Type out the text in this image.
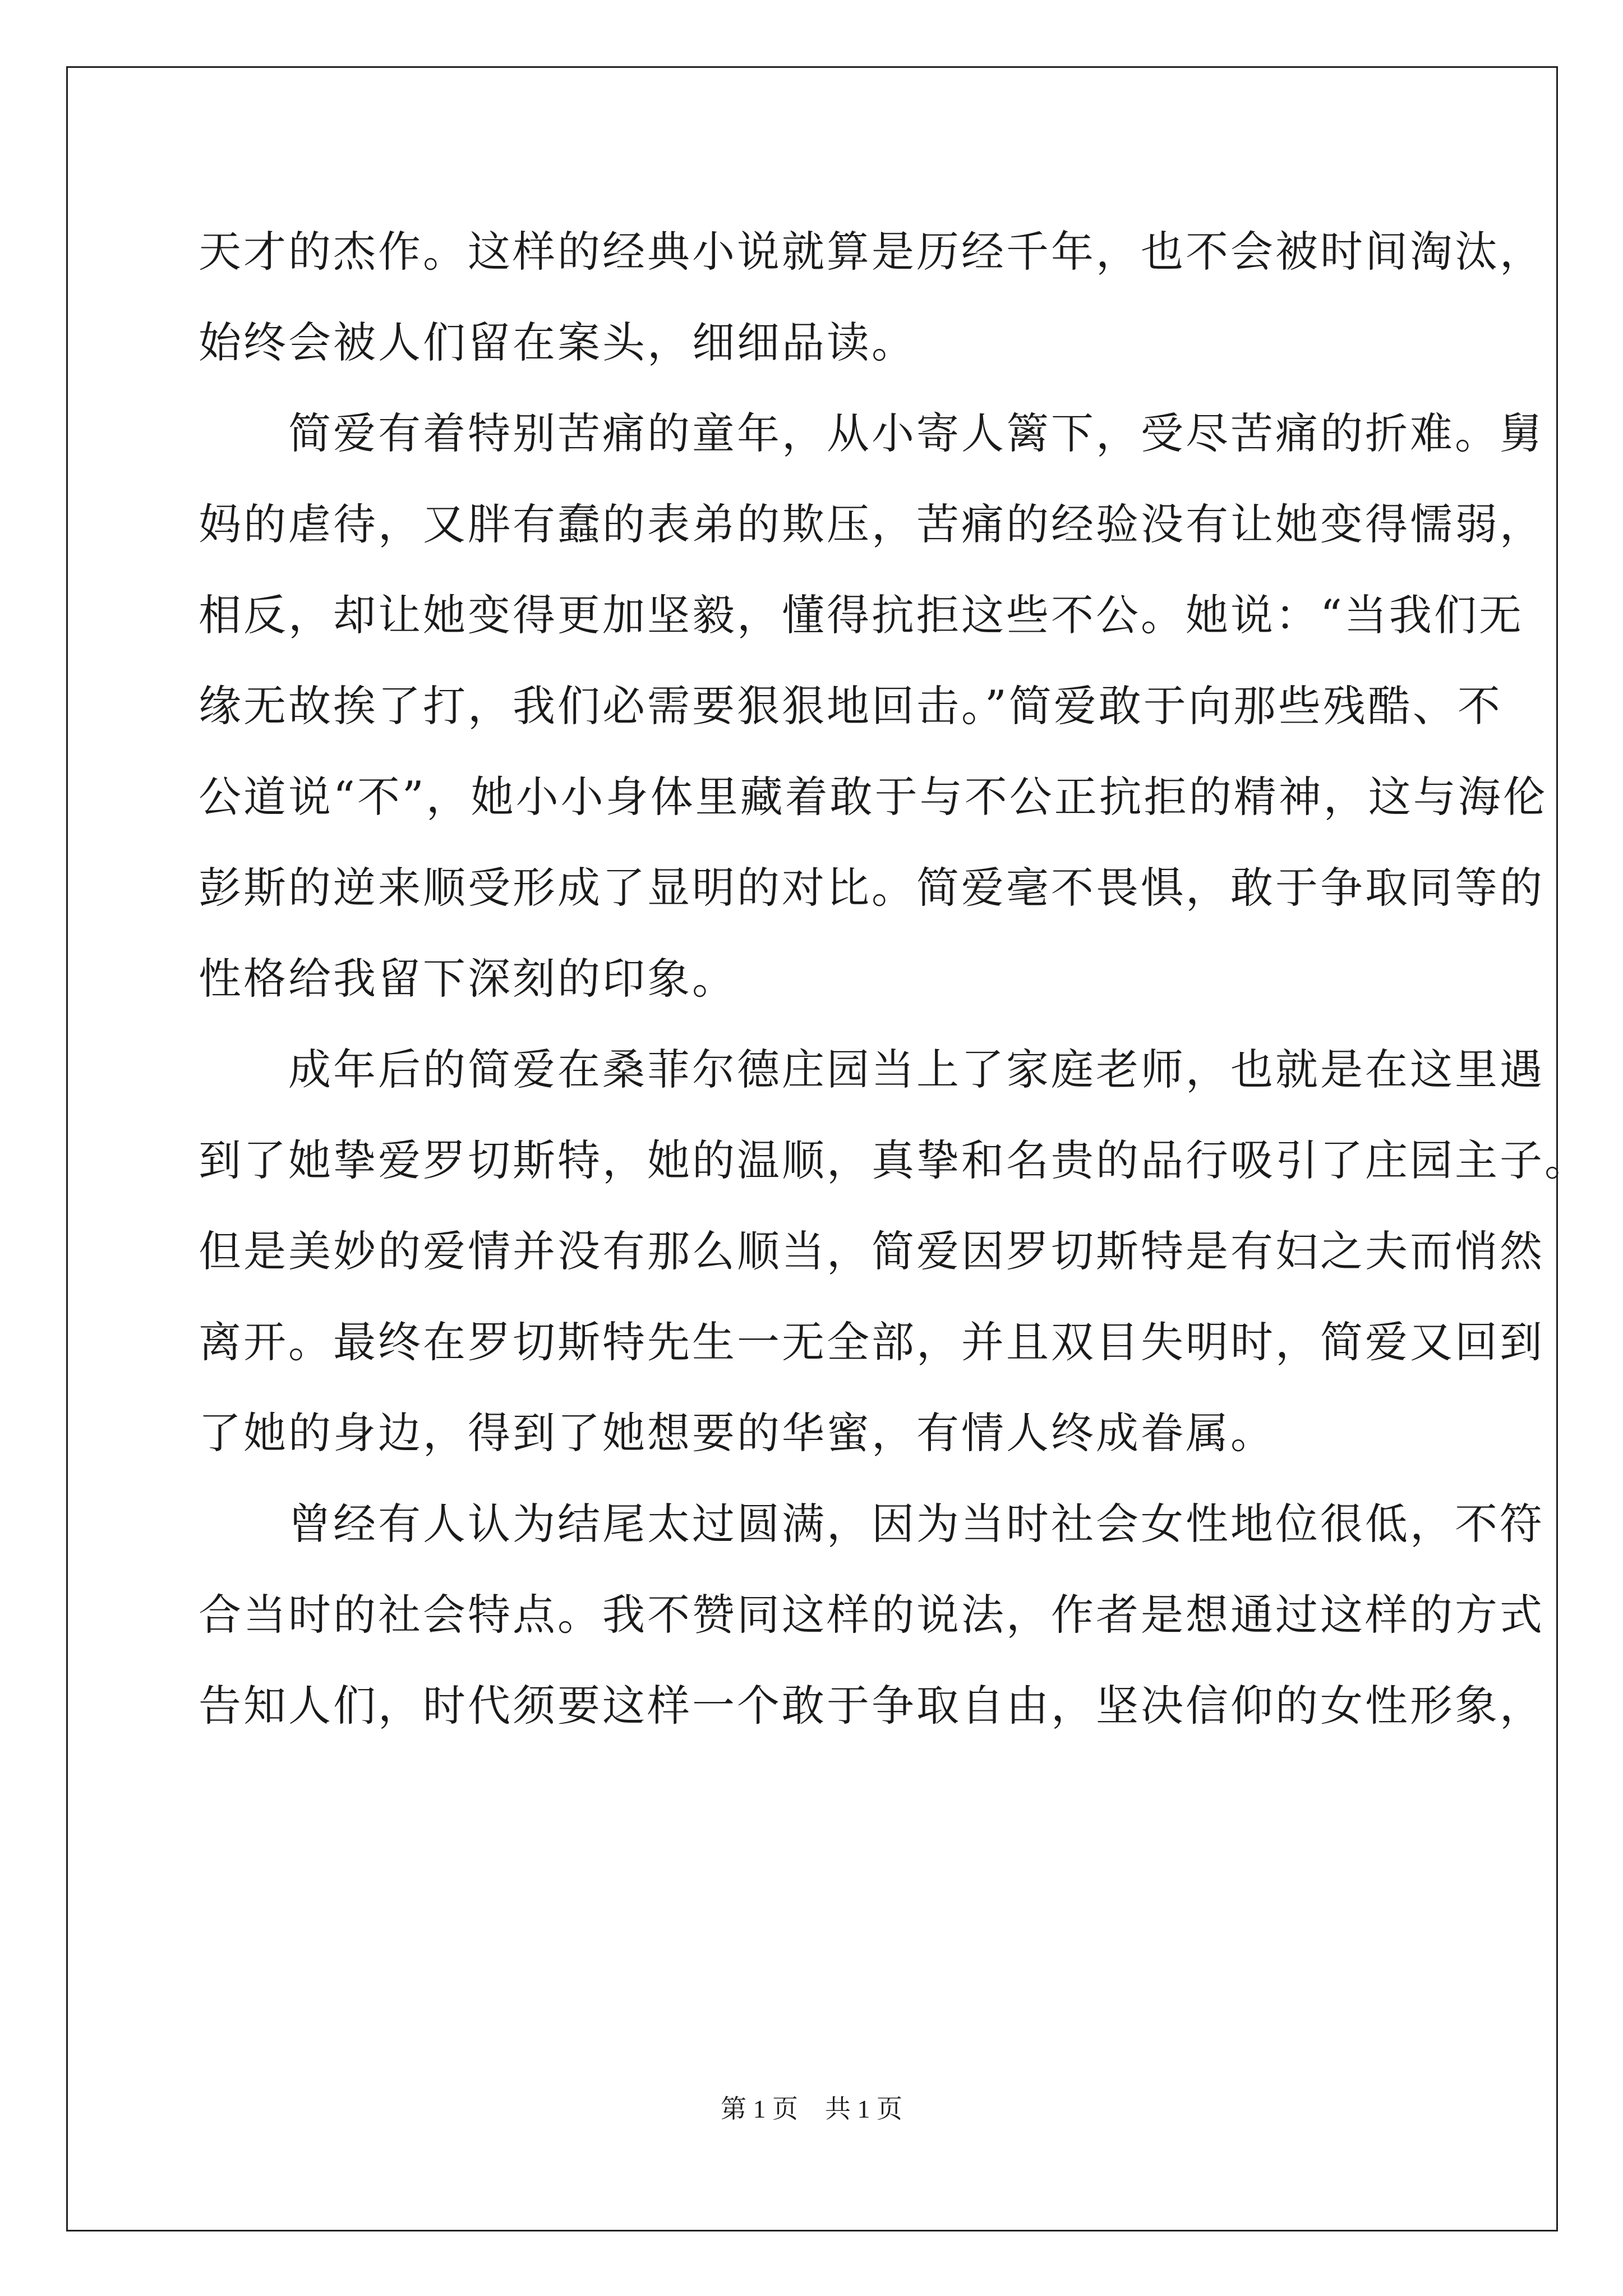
天才的杰作。这样的经典小说就算是历经千年，也不会被时间淘汰，
始终会被人们留在案头，细细品读。
简爱有着特别苦痛的童年，从小寄人篱下，受尽苦痛的折难。舅
妈的虐待，又胖有蠢的表弟的欺压，苦痛的经验没有让她变得懦弱，
相反，却让她变得更加坚毅，懂得抗拒这些不公。她说：“当我们无
缘无故挨了打，我们必需要狠狠地回击。”简爱敢于向那些残酷、不
公道说“不”，她小小身体里藏着敢于与不公正抗拒的精神，这与海伦
彭斯的逆来顺受形成了显明的对比。简爱毫不畏惧，敢于争取同等的
性格给我留下深刻的印象。
成年后的简爱在桑菲尔德庄园当上了家庭老师，也就是在这里遇
到了她挚爱罗切斯特，她的温顺，真挚和名贵的品行吸引了庄园主子。
但是美妙的爱情并没有那么顺当，简爱因罗切斯特是有妇之夫而悄然
离开。最终在罗切斯特先生一无全部，并且双目失明时，简爱又回到
了她的身边，得到了她想要的华蜜，有情人终成眷属。
曾经有人认为结尾太过圆满，因为当时社会女性地位很低，不符
合当时的社会特点。我不赞同这样的说法，作者是想通过这样的方式
告知人们，时代须要这样一个敢于争取自由，坚决信仰的女性形象，
第 1 页 共 1 页
